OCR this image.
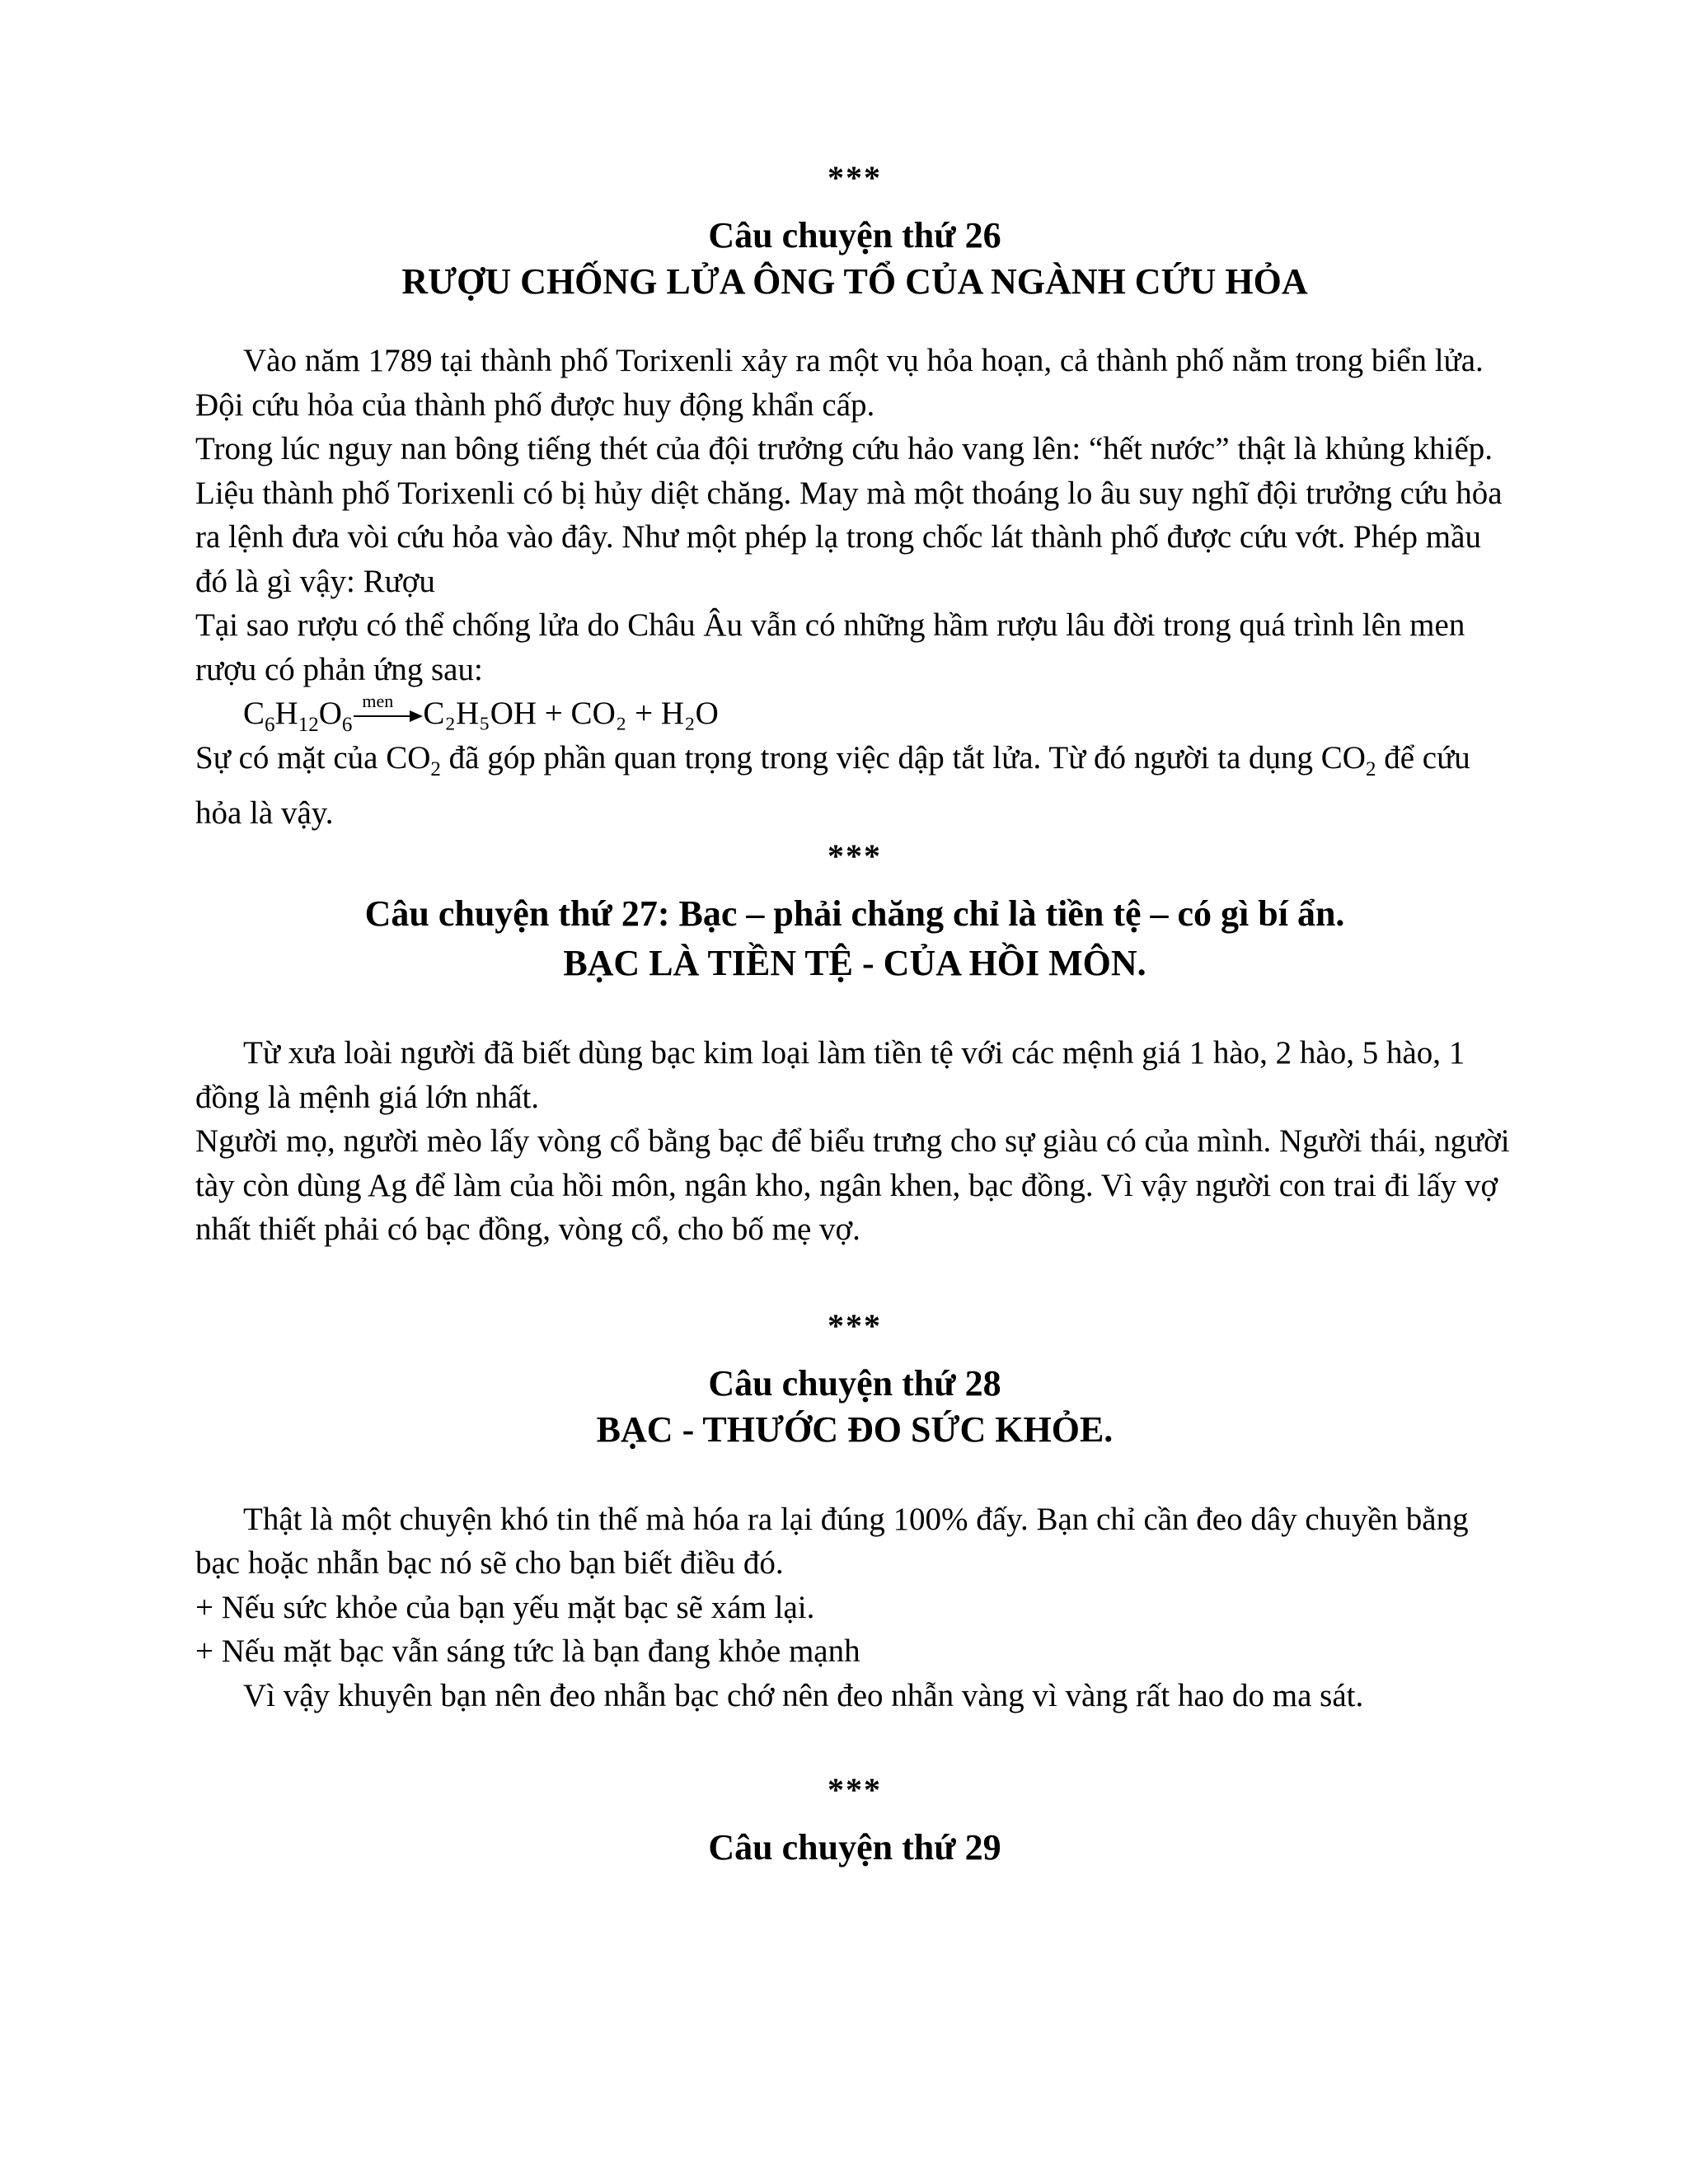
***
Câu chuyện thứ 26
RƯỢU CHỐNG LỬA ÔNG TỔ CỦA NGÀNH CỨU HỎA

Vào năm 1789 tại thành phố Torixenli xảy ra một vụ hỏa hoạn, cả thành phố nằm trong biển lửa. Đội cứu hỏa của thành phố được huy động khẩn cấp.

Trong lúc nguy nan bông tiếng thét của đội trưởng cứu hảo vang lên: “hết nước” thật là khủng khiếp.

Liệu thành phố Torixenli có bị hủy diệt chăng. May mà một thoáng lo âu suy nghĩ đội trưởng cứu hỏa ra lệnh đưa vòi cứu hỏa vào đây. Như một phép lạ trong chốc lát thành phố được cứu vớt. Phép mầu đó là gì vậy: Rượu

Tại sao rượu có thể chống lửa do Châu Âu vẫn có những hầm rượu lâu đời trong quá trình lên men rượu có phản ứng sau:

$C_6H_{12}O_6$
men C₂H₅OH + CO₂ + H₂O

Sự có mặt của $CO_2$ đã góp phần quan trọng trong việc dập tắt lửa. Từ đó người ta dụng $CO_2$ để cứu hỏa là vậy.

***
Câu chuyện thứ 27: Bạc – phải chăng chỉ là tiền tệ – có gì bí ẩn.
BẠC LÀ TIỀN TỆ - CỦA HỒI MÔN.

Từ xưa loài người đã biết dùng bạc kim loại làm tiền tệ với các mệnh giá 1 hào, 2 hào, 5 hào, 1 đồng là mệnh giá lớn nhất.

Người mọ, người mèo lấy vòng cổ bằng bạc để biểu trưng cho sự giàu có của mình. Người thái, người tày còn dùng Ag để làm của hồi môn, ngân kho, ngân khen, bạc đồng. Vì vậy người con trai đi lấy vợ nhất thiết phải có bạc đồng, vòng cổ, cho bố mẹ vợ.

***
Câu chuyện thứ 28
BẠC - THƯỚC ĐO SỨC KHỎE.

Thật là một chuyện khó tin thế mà hóa ra lại đúng 100% đấy. Bạn chỉ cần đeo dây chuyền bằng bạc hoặc nhẫn bạc nó sẽ cho bạn biết điều đó.

+ Nếu sức khỏe của bạn yếu mặt bạc sẽ xám lại.

+ Nếu mặt bạc vẫn sáng tức là bạn đang khỏe mạnh

Vì vậy khuyên bạn nên đeo nhẫn bạc chớ nên đeo nhẫn vàng vì vàng rất hao do ma sát.

***
Câu chuyện thứ 29
